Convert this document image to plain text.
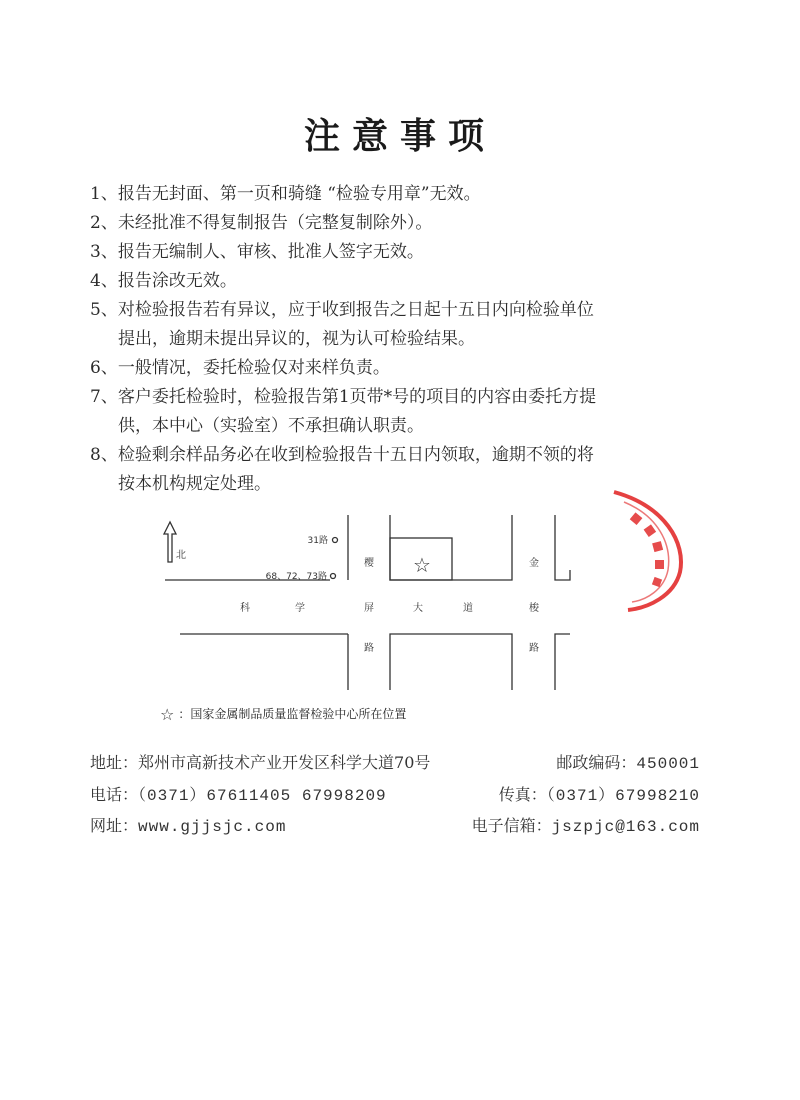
注意事项
1、报告无封面、第一页和骑缝 “检验专用章”无效。
2、未经批准不得复制报告（完整复制除外）。
3、报告无编制人、审核、批准人签字无效。
4、报告涂改无效。
5、对检验报告若有异议，应于收到报告之日起十五日内向检验单位
提出，逾期未提出异议的，视为认可检验结果。
6、一般情况，委托检验仅对来样负责。
7、客户委托检验时，检验报告第1页带*号的项目的内容由委托方提
供，本中心（实验室）不承担确认职责。
8、检验剩余样品务必在收到检验报告十五日内领取，逾期不领的将
按本机构规定处理。
☆
北
31路
68、72、73路
科	学	大	道
樱
屏
路
金
梭
路
☆ ：国家金属制品质量监督检验中心所在位置
地址：郑州市高新技术产业开发区科学大道70号	邮政编码：450001
电话：（0371）67611405 67998209	传真：（0371）67998210
网址：www.gjjsjc.com	电子信箱：jszpjc@163.com
